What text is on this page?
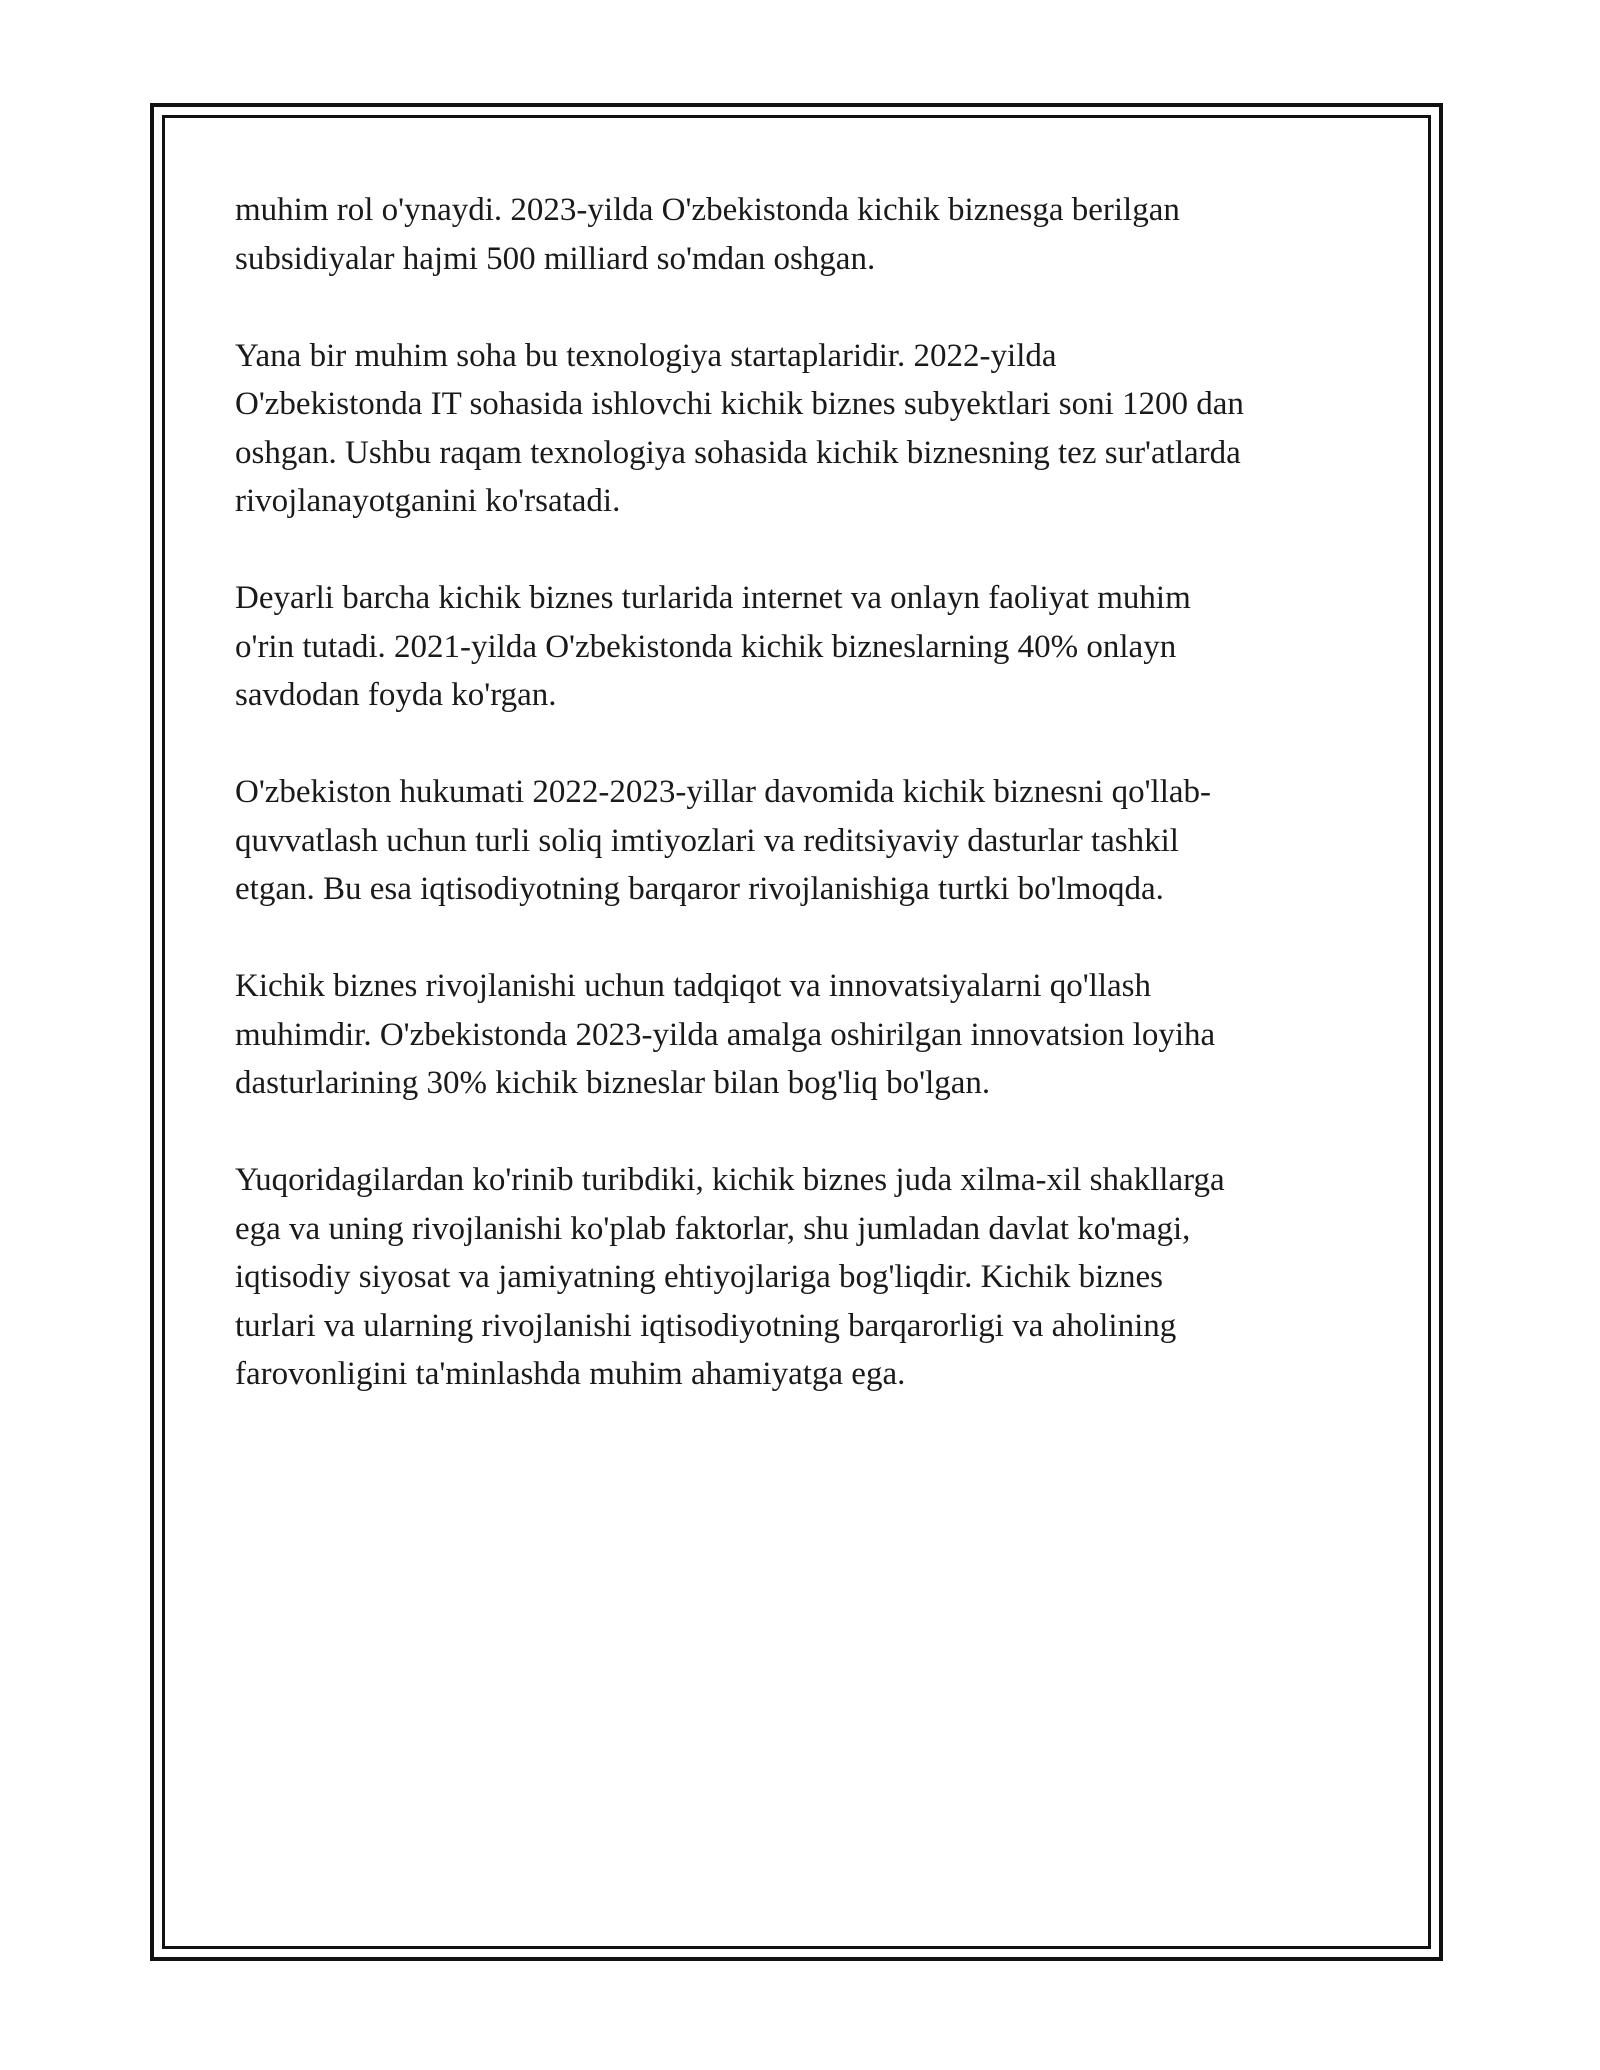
muhim rol o'ynaydi. 2023-yilda O'zbekistonda kichik biznesga berilgan
subsidiyalar hajmi 500 milliard so'mdan oshgan.

Yana bir muhim soha bu texnologiya startaplaridir. 2022-yilda
O'zbekistonda IT sohasida ishlovchi kichik biznes subyektlari soni 1200 dan
oshgan. Ushbu raqam texnologiya sohasida kichik biznesning tez sur'atlarda
rivojlanayotganini ko'rsatadi.

Deyarli barcha kichik biznes turlarida internet va onlayn faoliyat muhim
o'rin tutadi. 2021-yilda O'zbekistonda kichik bizneslarning 40% onlayn
savdodan foyda ko'rgan.

O'zbekiston hukumati 2022-2023-yillar davomida kichik biznesni qo'llab-
quvvatlash uchun turli soliq imtiyozlari va reditsiyaviy dasturlar tashkil
etgan. Bu esa iqtisodiyotning barqaror rivojlanishiga turtki bo'lmoqda.

Kichik biznes rivojlanishi uchun tadqiqot va innovatsiyalarni qo'llash
muhimdir. O'zbekistonda 2023-yilda amalga oshirilgan innovatsion loyiha
dasturlarining 30% kichik bizneslar bilan bog'liq bo'lgan.

Yuqoridagilardan ko'rinib turibdiki, kichik biznes juda xilma-xil shakllarga
ega va uning rivojlanishi ko'plab faktorlar, shu jumladan davlat ko'magi,
iqtisodiy siyosat va jamiyatning ehtiyojlariga bog'liqdir. Kichik biznes
turlari va ularning rivojlanishi iqtisodiyotning barqarorligi va aholining
farovonligini ta'minlashda muhim ahamiyatga ega.
